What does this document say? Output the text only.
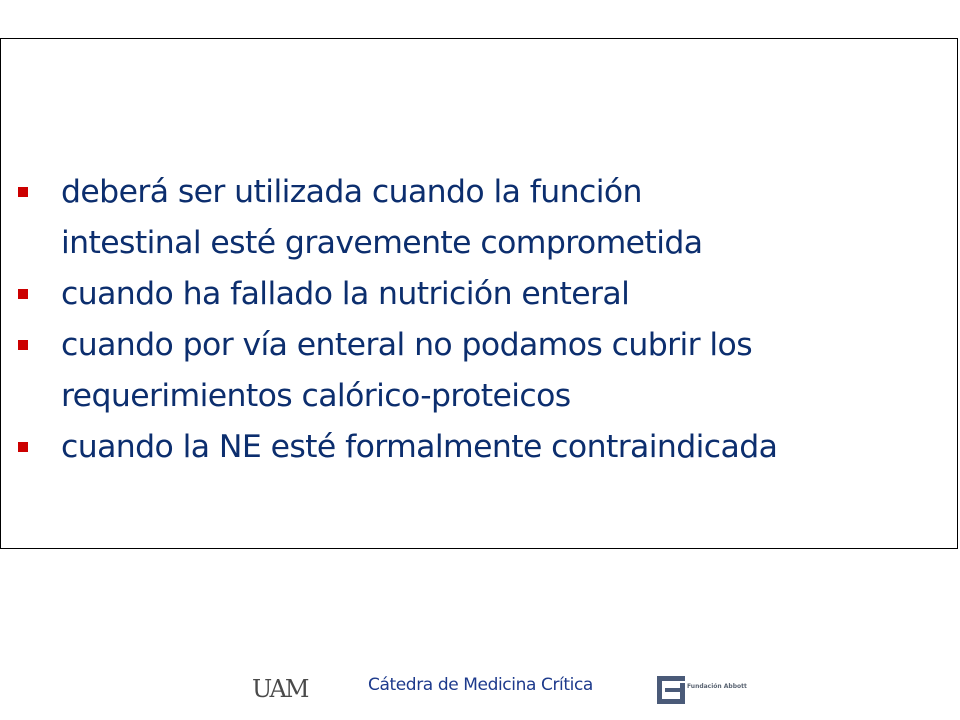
deberá ser utilizada cuando la función
intestinal esté gravemente comprometida
cuando ha fallado la nutrición enteral
cuando por vía enteral no podamos cubrir los
requerimientos calórico-proteicos
cuando la NE esté formalmente contraindicada
UAM	Cátedra de Medicina Crítica	Fundación Abbott
